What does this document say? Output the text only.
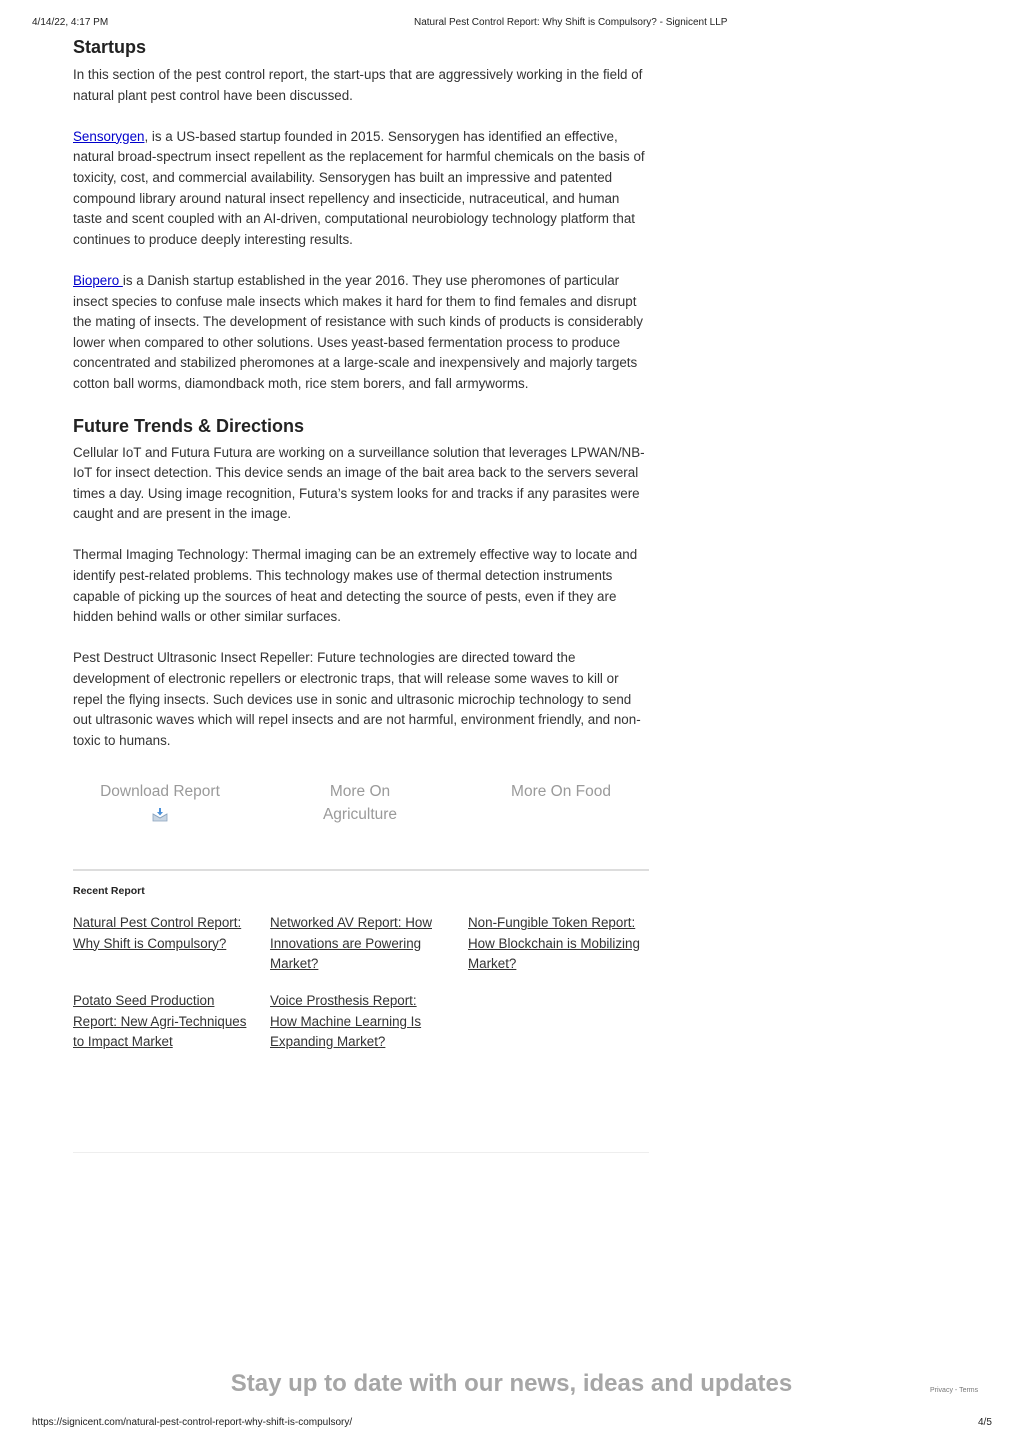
4/14/22, 4:17 PM	Natural Pest Control Report: Why Shift is Compulsory? - Signicent LLP
Startups

In this section of the pest control report, the start-ups that are aggressively working in the field of natural plant pest control have been discussed.

Sensorygen, is a US-based startup founded in 2015. Sensorygen has identified an effective, natural broad-spectrum insect repellent as the replacement for harmful chemicals on the basis of toxicity, cost, and commercial availability. Sensorygen has built an impressive and patented compound library around natural insect repellency and insecticide, nutraceutical, and human taste and scent coupled with an AI-driven, computational neurobiology technology platform that continues to produce deeply interesting results.

Biopero is a Danish startup established in the year 2016. They use pheromones of particular insect species to confuse male insects which makes it hard for them to find females and disrupt the mating of insects. The development of resistance with such kinds of products is considerably lower when compared to other solutions. Uses yeast-based fermentation process to produce concentrated and stabilized pheromones at a large-scale and inexpensively and majorly targets cotton ball worms, diamondback moth, rice stem borers, and fall armyworms.

Future Trends & Directions

Cellular IoT and Futura Futura are working on a surveillance solution that leverages LPWAN/NB-IoT for insect detection. This device sends an image of the bait area back to the servers several times a day. Using image recognition, Futura’s system looks for and tracks if any parasites were caught and are present in the image.

Thermal Imaging Technology: Thermal imaging can be an extremely effective way to locate and identify pest-related problems. This technology makes use of thermal detection instruments capable of picking up the sources of heat and detecting the source of pests, even if they are hidden behind walls or other similar surfaces.

Pest Destruct Ultrasonic Insect Repeller: Future technologies are directed toward the development of electronic repellers or electronic traps, that will release some waves to kill or repel the flying insects. Such devices use in sonic and ultrasonic microchip technology to send out ultrasonic waves which will repel insects and are not harmful, environment friendly, and non-toxic to humans.

Download Report	More On
Agriculture
More On Food
Recent Report
Natural Pest Control Report: Why Shift is Compulsory?
Networked AV Report: How Innovations are Powering Market?
Non-Fungible Token Report: How Blockchain is Mobilizing Market?
Potato Seed Production Report: New Agri-Techniques to Impact Market
Voice Prosthesis Report: How Machine Learning Is Expanding Market?
Stay up to date with our news, ideas and updates	Privacy - Terms
https://signicent.com/natural-pest-control-report-why-shift-is-compulsory/	4/5
